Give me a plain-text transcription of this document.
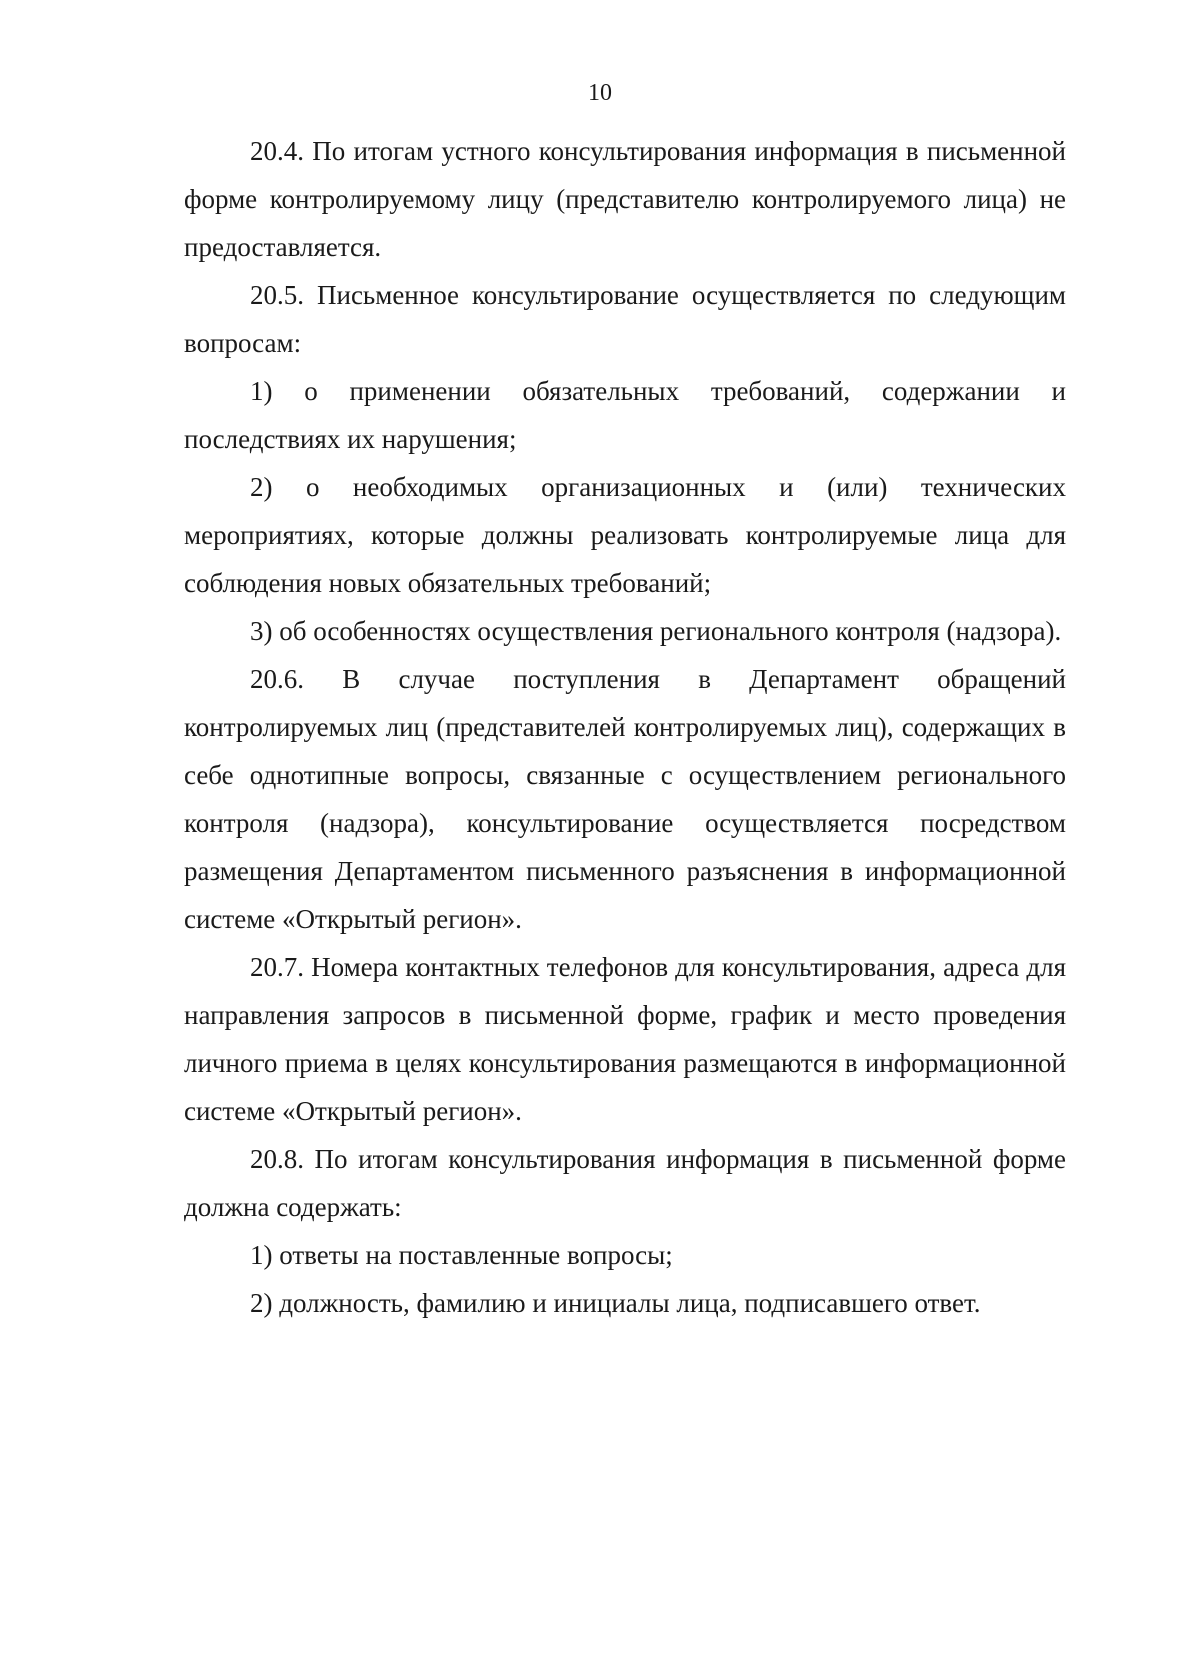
10

20.4. По итогам устного консультирования информация в письменной форме контролируемому лицу (представителю контролируемого лица) не предоставляется.

20.5. Письменное консультирование осуществляется по следующим вопросам:

1) о применении обязательных требований, содержании и последствиях их нарушения;

2) о необходимых организационных и (или) технических мероприятиях, которые должны реализовать контролируемые лица для соблюдения новых обязательных требований;

3) об особенностях осуществления регионального контроля (надзора).

20.6. В случае поступления в Департамент обращений контролируемых лиц (представителей контролируемых лиц), содержащих в себе однотипные вопросы, связанные с осуществлением регионального контроля (надзора), консультирование осуществляется посредством размещения Департаментом письменного разъяснения в информационной системе «Открытый регион».

20.7. Номера контактных телефонов для консультирования, адреса для направления запросов в письменной форме, график и место проведения личного приема в целях консультирования размещаются в информационной системе «Открытый регион».

20.8. По итогам консультирования информация в письменной форме должна содержать:

1) ответы на поставленные вопросы;

2) должность, фамилию и инициалы лица, подписавшего ответ.
